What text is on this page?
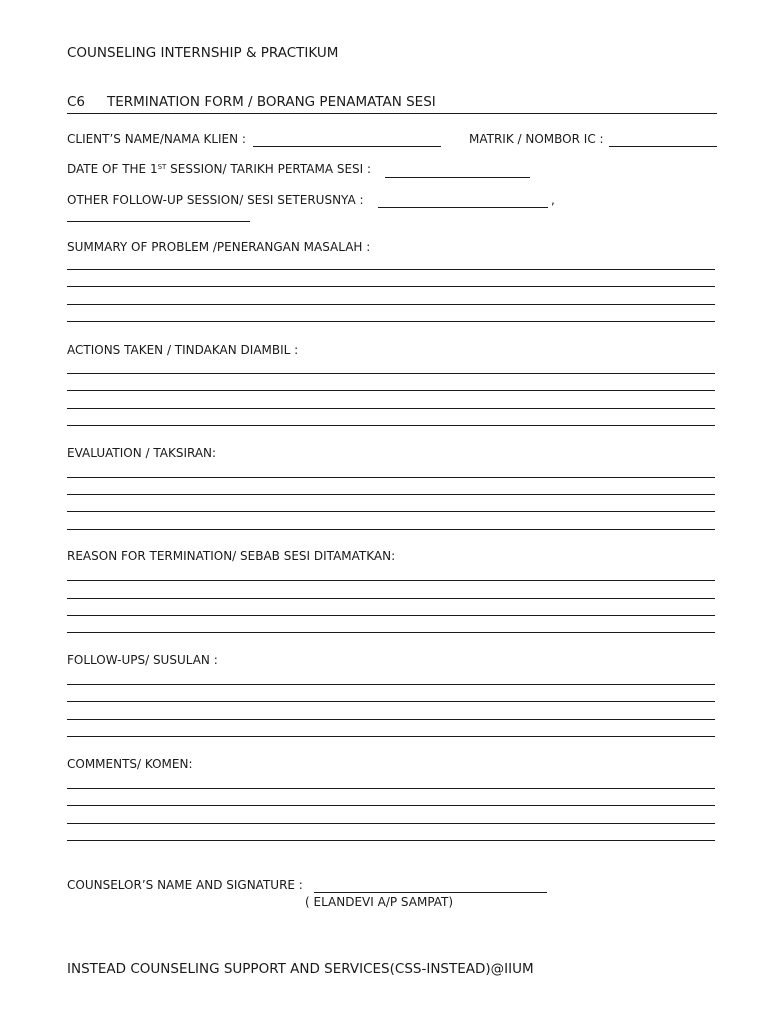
COUNSELING INTERNSHIP & PRACTIKUM
C6 TERMINATION FORM / BORANG PENAMATAN SESI
CLIENT’S NAME/NAMA KLIEN :	MATRIK / NOMBOR IC :
DATE OF THE 1ST SESSION/ TARIKH PERTAMA SESI :
OTHER FOLLOW-UP SESSION/ SESI SETERUSNYA :	,
SUMMARY OF PROBLEM /PENERANGAN MASALAH :
ACTIONS TAKEN / TINDAKAN DIAMBIL :
EVALUATION / TAKSIRAN:
REASON FOR TERMINATION/ SEBAB SESI DITAMATKAN:
FOLLOW-UPS/ SUSULAN :
COMMENTS/ KOMEN:
COUNSELOR’S NAME AND SIGNATURE :
( ELANDEVI A/P SAMPAT)
INSTEAD COUNSELING SUPPORT AND SERVICES(CSS-INSTEAD)@IIUM
